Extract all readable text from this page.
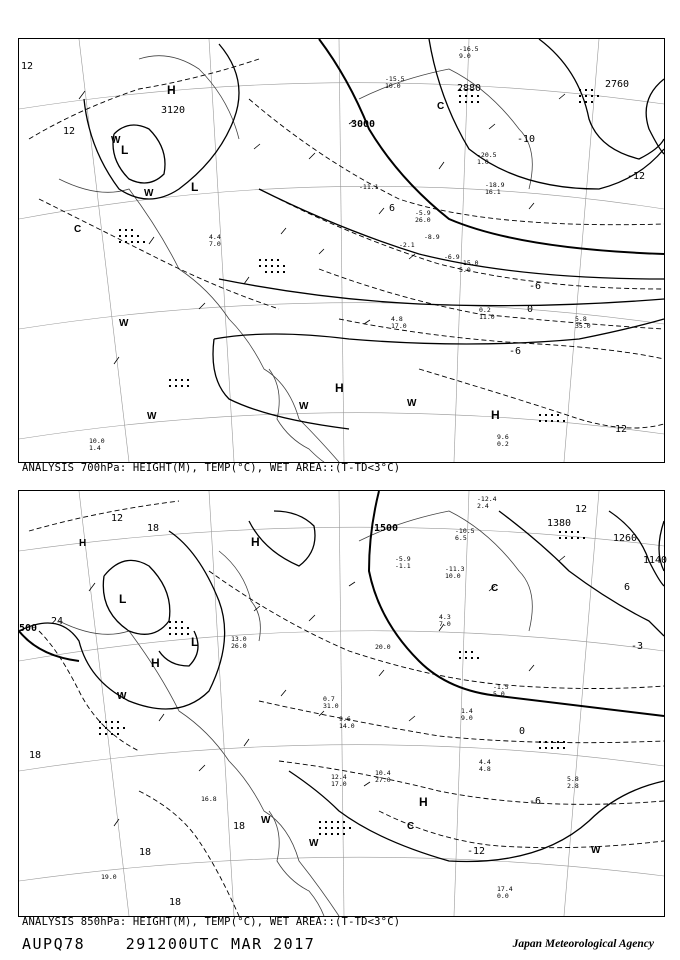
3120
3000
2880	2760
12
-12
-6
0
-6
6
12
12
-10
L
L
H
H
H
W
W
W	W
C
C
W
W
-16.5
9.0
-15.5
10.0
-20.5
1.0
-18.9
16.1
-11.1
-5.9
26.0
-15.0
5.0
4.8
17.0
5.8
35.0
0.2
11.0
9.6
0.2
10.0
1.4
-2.1
4.4
7.0
-8.9
-6.9
ANALYSIS 700hPa: HEIGHT(M), TEMP(°C), WET AREA::(T-TD<3°C)
1500	1380
1260
1140
500
12
18
24
18
18
18	-12
12
6
0
-6
-3
18
L
L
H
H
H
W
W
W
C
C
W
H
-12.4
2.4
-10.5
6.5
-5.9
-1.1	-11.3
10.0
4.3
7.0
20.0
13.0
26.0
0.7
31.0
9.6
14.0
12.4
17.0
10.4
27.0
4.4
4.8
5.8
2.8
16.8
19.0
17.4
0.0
1.4
9.0
-1.5
5.0
ANALYSIS 850hPa: HEIGHT(M), TEMP(°C), WET AREA::(T-TD<3°C)
AUPQ78	291200UTC MAR 2017	Japan Meteorological Agency
